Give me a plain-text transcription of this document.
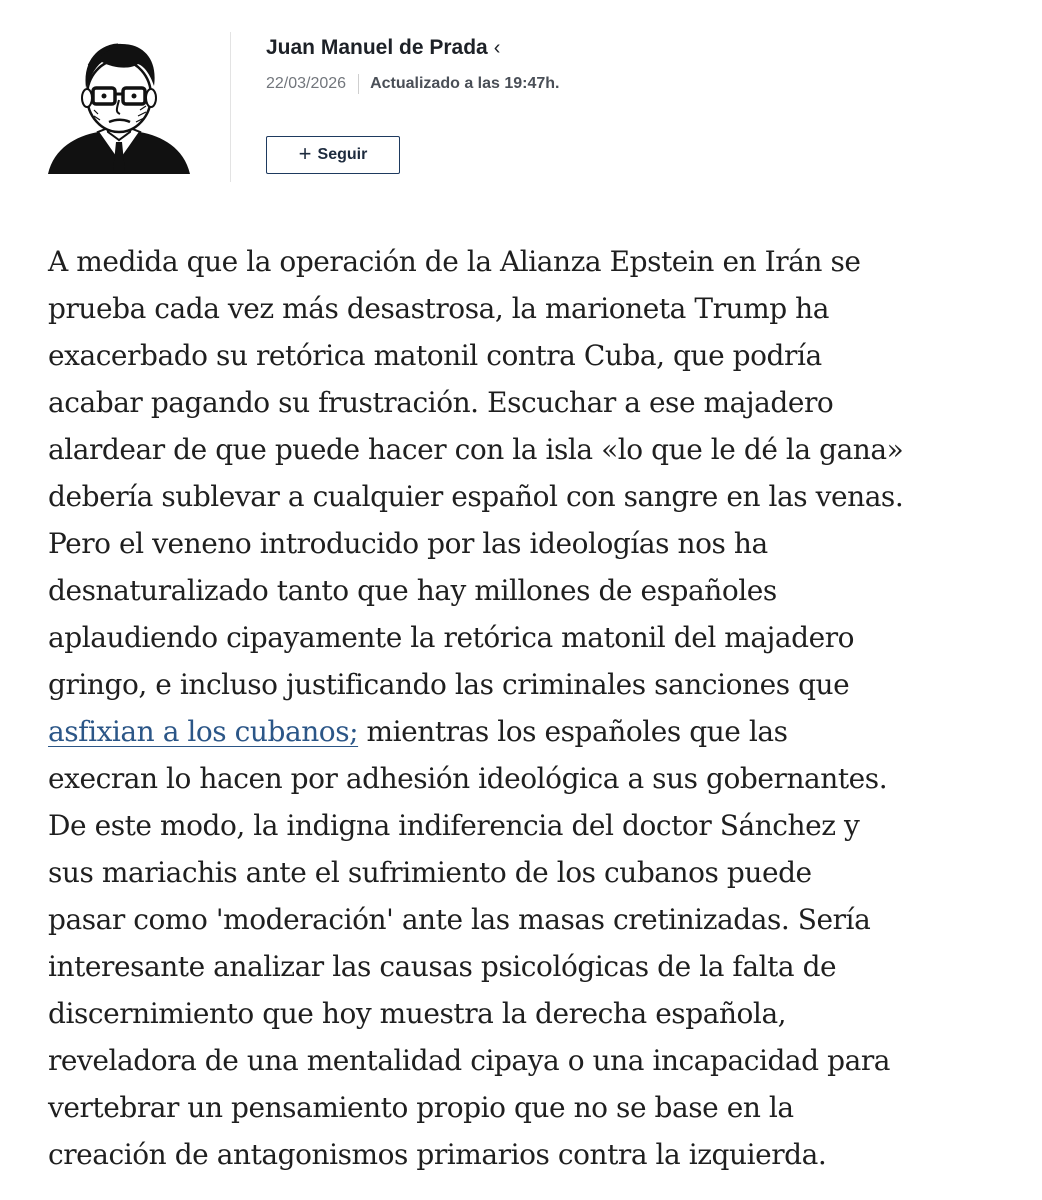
Juan Manuel de Prada ‹
22/03/2026 Actualizado a las 19:47h.
+ Seguir

A medida que la operación de la Alianza Epstein en Irán se
prueba cada vez más desastrosa, la marioneta Trump ha
exacerbado su retórica matonil contra Cuba, que podría
acabar pagando su frustración. Escuchar a ese majadero
alardear de que puede hacer con la isla «lo que le dé la gana»
debería sublevar a cualquier español con sangre en las venas.
Pero el veneno introducido por las ideologías nos ha
desnaturalizado tanto que hay millones de españoles
aplaudiendo cipayamente la retórica matonil del majadero
gringo, e incluso justificando las criminales sanciones que
asfixian a los cubanos; mientras los españoles que las
execran lo hacen por adhesión ideológica a sus gobernantes.
De este modo, la indigna indiferencia del doctor Sánchez y
sus mariachis ante el sufrimiento de los cubanos puede
pasar como 'moderación' ante las masas cretinizadas. Sería
interesante analizar las causas psicológicas de la falta de
discernimiento que hoy muestra la derecha española,
reveladora de una mentalidad cipaya o una incapacidad para
vertebrar un pensamiento propio que no se base en la
creación de antagonismos primarios contra la izquierda.
